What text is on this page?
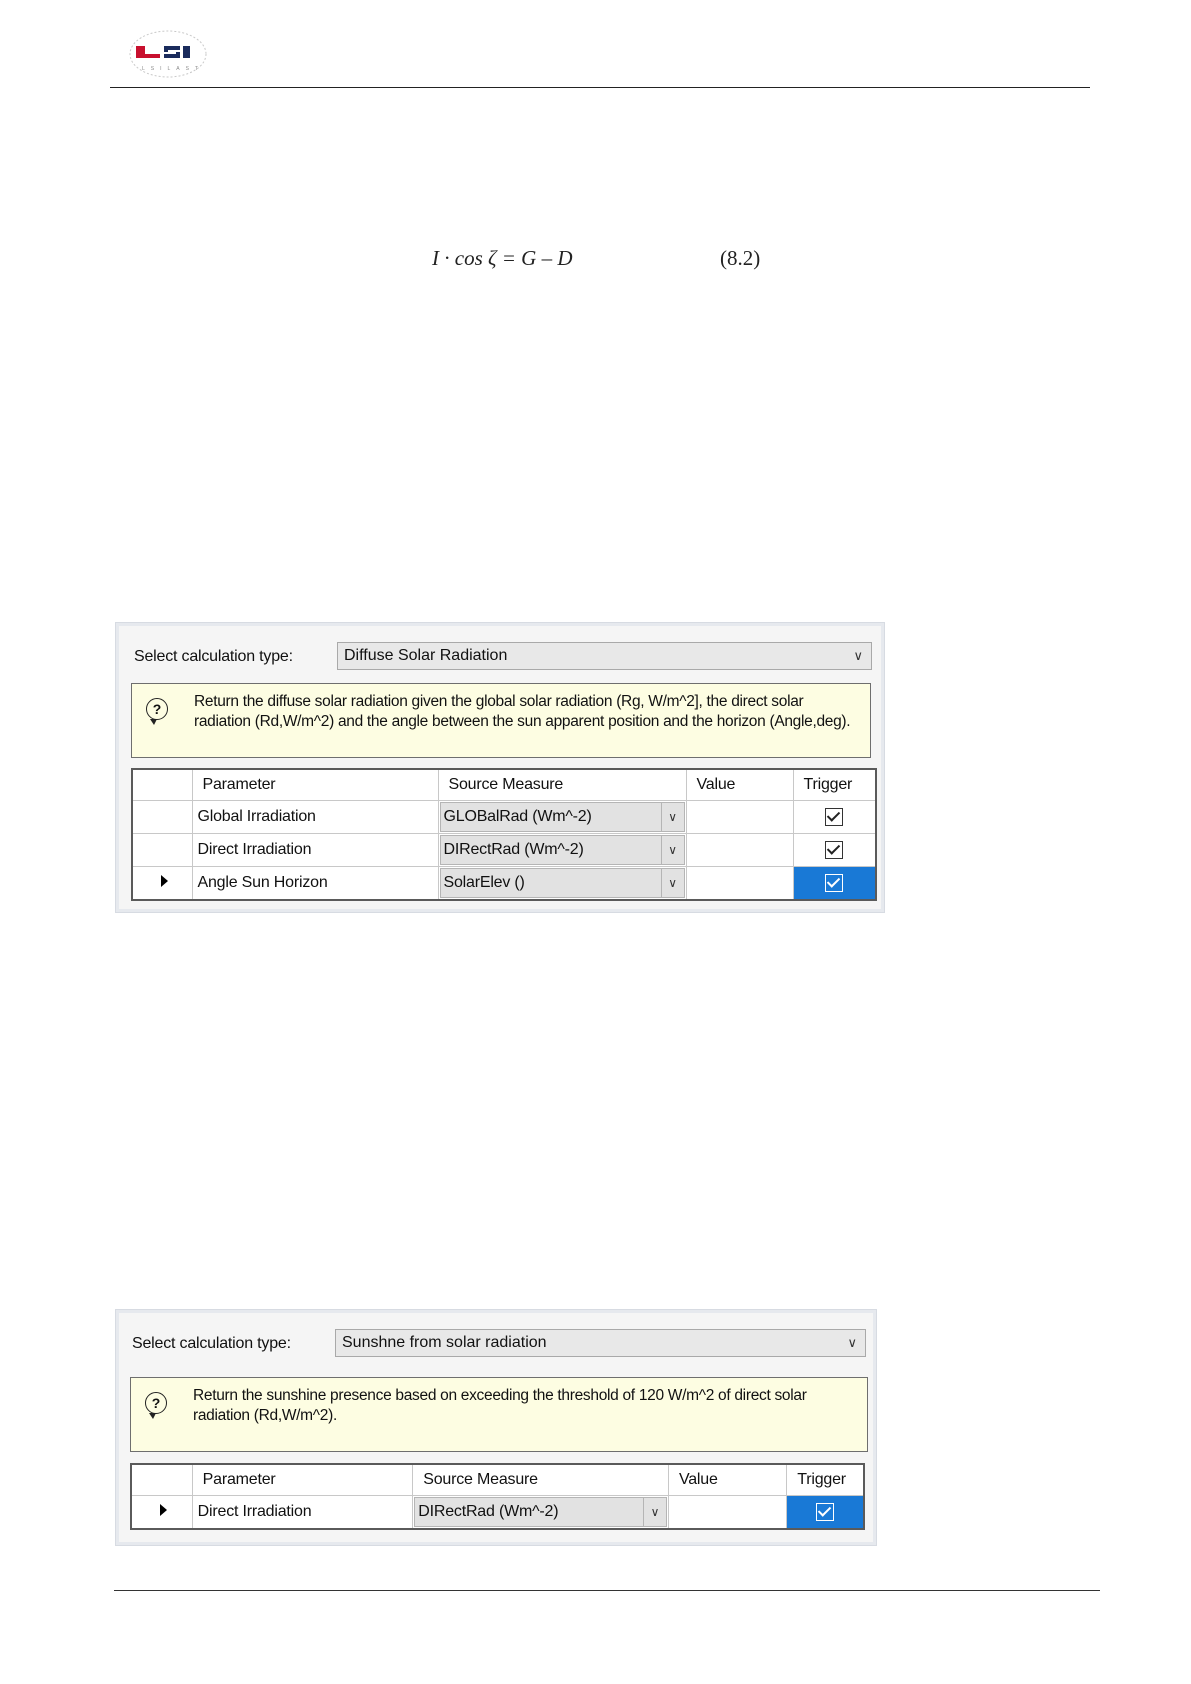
LSILAST
I · cos ζ = G – D	(8.2)
Select calculation type:	Diffuse Solar Radiation	∨
?	Return the diffuse solar radiation given the global solar radiation (Rg, W/m^2], the direct solar radiation (Rd,W/m^2) and the angle between the sun apparent position and the horizon (Angle,deg).
	Parameter	Source Measure	Value	Trigger
	Global Irradiation	GLOBalRad (Wm^-2) ∨		

	Direct Irradiation	DIRectRad (Wm^-2) ∨		

	Angle Sun Horizon	SolarElev () ∨		

Select calculation type:	Sunshne from solar radiation	∨
?	Return the sunshine presence based on exceeding the threshold of 120 W/m^2 of direct solar radiation (Rd,W/m^2).
	Parameter	Source Measure	Value	Trigger
	Direct Irradiation	DIRectRad (Wm^-2) ∨		
